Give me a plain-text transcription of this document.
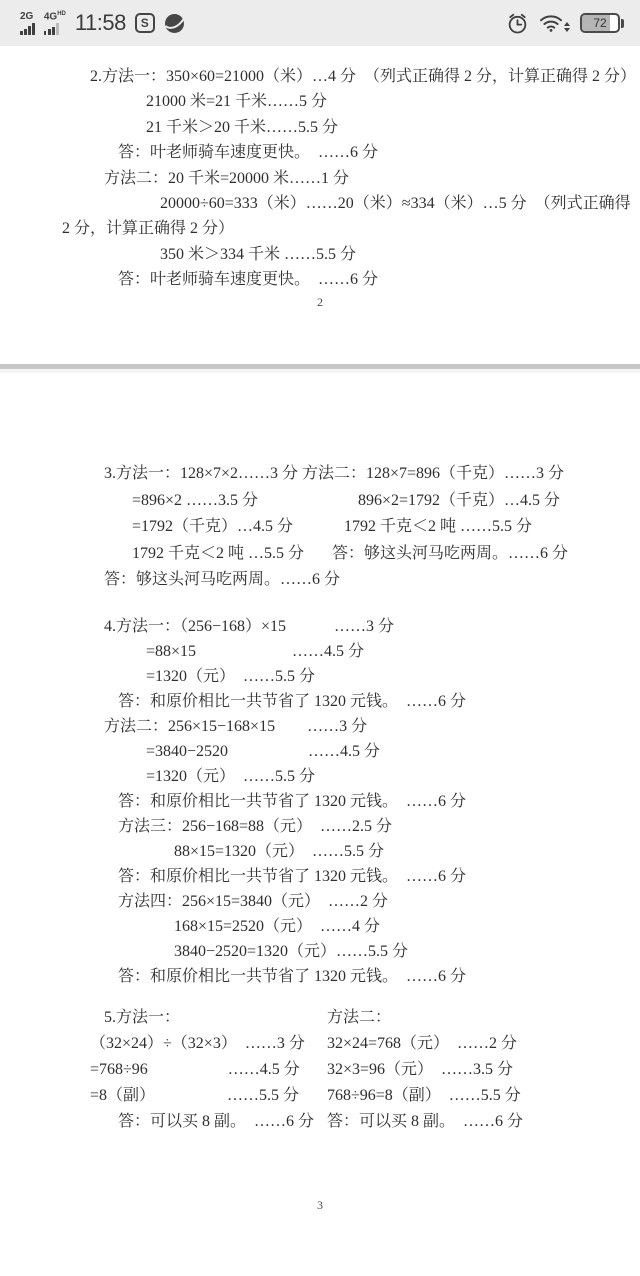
2G $4G^{HD}$ 11:58	S	72
2.方法一：350×60=21000（米）…4 分　（列式正确得 2 分，计算正确得 2 分）
21000 米=21 千米……5 分
21 千米＞20 千米……5.5 分
答：叶老师骑车速度更快。　……6 分
方法二：20 千米=20000 米……1 分
20000÷60=333（米）……20（米）≈334（米）…5 分　（列式正确得
2 分，计算正确得 2 分）
350 米＞334 千米 ……5.5 分
答：叶老师骑车速度更快。　……6 分
2
3.方法一：128×7×2……3 分 方法二：128×7=896（千克）……3 分
=896×2 ……3.5 分	896×2=1792（千克）…4.5 分
=1792（千克）…4.5 分	1792 千克＜2 吨 ……5.5 分
1792 千克＜2 吨 …5.5 分	答：够这头河马吃两周。……6 分
答：够这头河马吃两周。……6 分
4.方法一：（256−168）×15　　　……3 分
=88×15　　　　　　……4.5 分
=1320（元）　……5.5 分
答：和原价相比一共节省了 1320 元钱。　……6 分
方法二：256×15−168×15　　……3 分
=3840−2520　　　　　……4.5 分
=1320（元）　……5.5 分
答：和原价相比一共节省了 1320 元钱。　……6 分
方法三：256−168=88（元）　……2.5 分
88×15=1320（元）　……5.5 分
答：和原价相比一共节省了 1320 元钱。　……6 分
方法四：256×15=3840（元）　……2 分
168×15=2520（元）　……4 分
3840−2520=1320（元）……5.5 分
答：和原价相比一共节省了 1320 元钱。　……6 分
5.方法一：	方法二：
（32×24）÷（32×3）　……3 分	32×24=768（元）　……2 分
=768÷96　　　　　……4.5 分	32×3=96（元）　……3.5 分
=8（副）　　　　　……5.5 分	768÷96=8（副）　……5.5 分
答：可以买 8 副。　……6 分 答：可以买 8 副。　……6 分
3
